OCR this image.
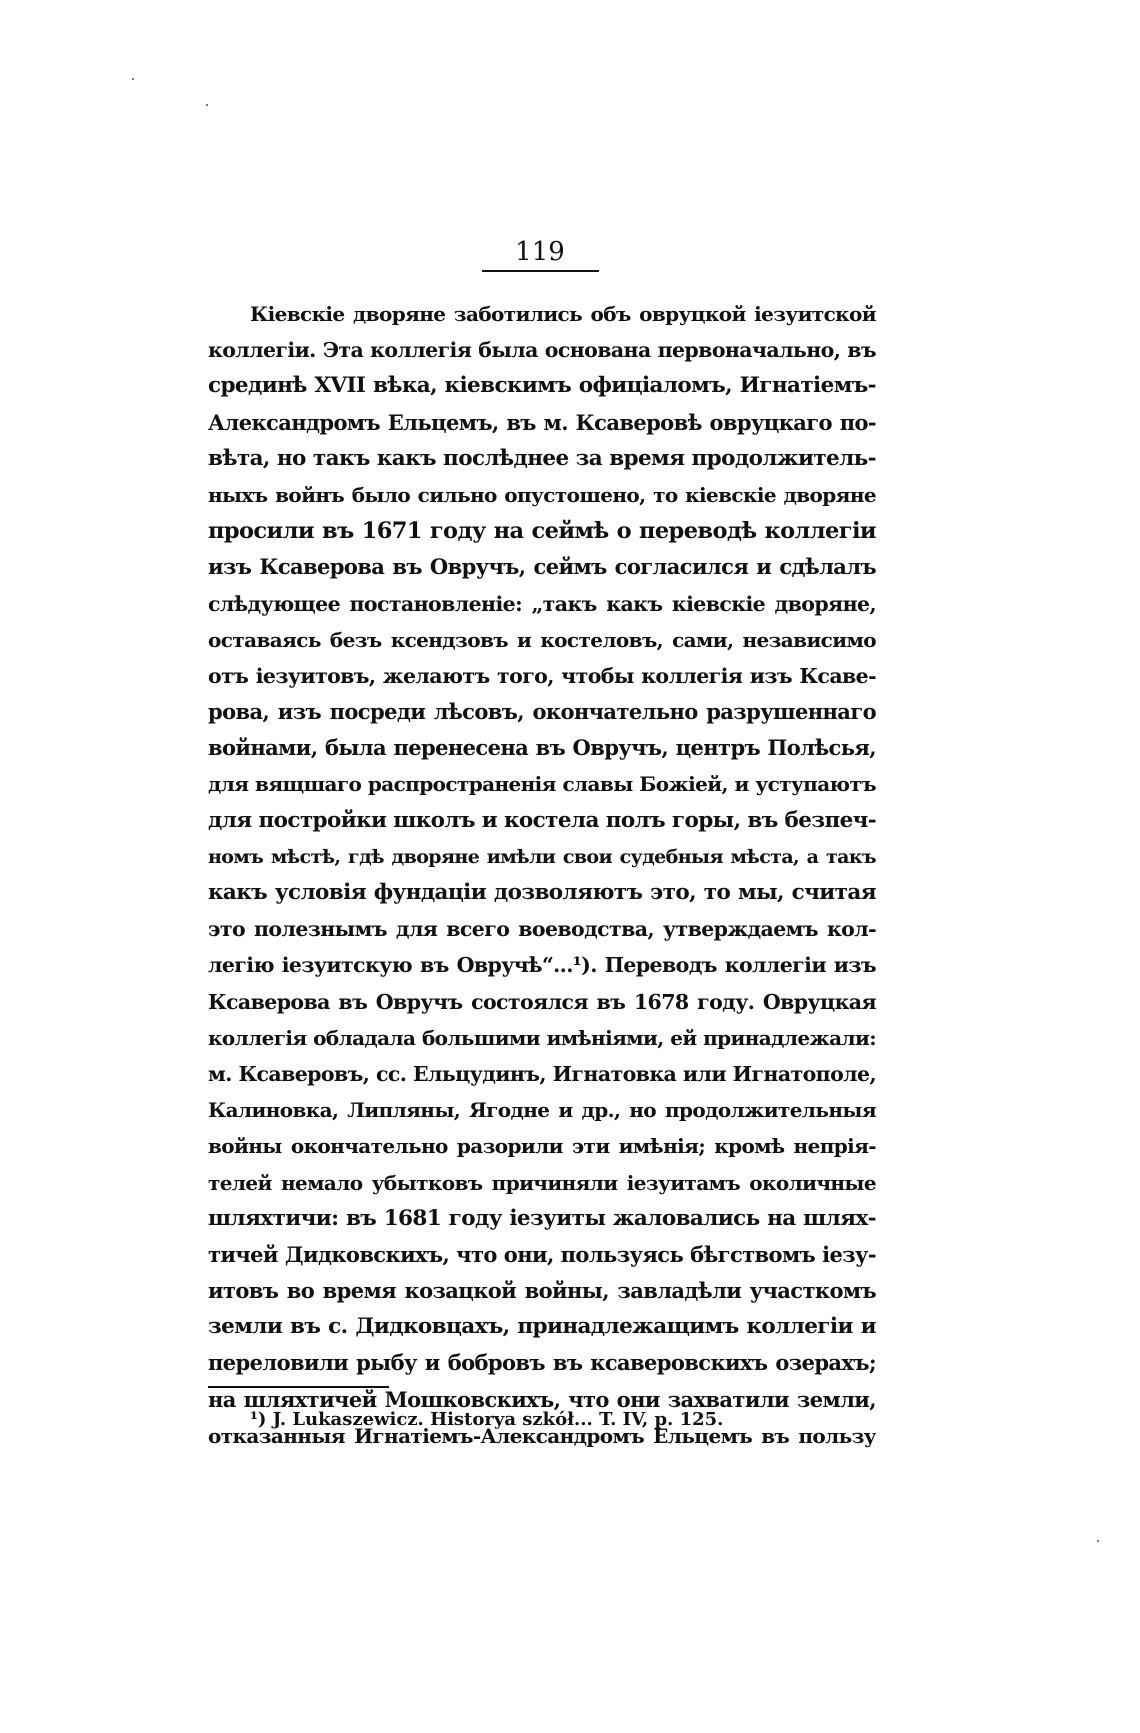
119
Кіевскіе дворяне заботились объ овруцкой іезуитской
коллегіи. Эта коллегія была основана первоначально, въ
срединѣ XVII вѣка, кіевскимъ офиціаломъ, Игнатіемъ-
Александромъ Ельцемъ, въ м. Ксаверовѣ овруцкаго по-
вѣта, но такъ какъ послѣднее за время продолжитель-
ныхъ войнъ было сильно опустошено, то кіевскіе дворяне
просили въ 1671 году на сеймѣ о переводѣ коллегіи
изъ Ксаверова въ Овручъ, сеймъ согласился и сдѣлалъ
слѣдующее постановленіе: „такъ какъ кіевскіе дворяне,
оставаясь безъ ксендзовъ и костеловъ, сами, независимо
отъ іезуитовъ, желаютъ того, чтобы коллегія изъ Ксаве-
рова, изъ посреди лѣсовъ, окончательно разрушеннаго
войнами, была перенесена въ Овручъ, центръ Полѣсья,
для вящшаго распространенія славы Божіей, и уступаютъ
для постройки школъ и костела полъ горы, въ безпеч-
номъ мѣстѣ, гдѣ дворяне имѣли свои судебныя мѣста, а такъ
какъ условія фундаціи дозволяютъ это, то мы, считая
это полезнымъ для всего воеводства, утверждаемъ кол-
легію іезуитскую въ Овручѣ“...¹). Переводъ коллегіи изъ
Ксаверова въ Овручъ состоялся въ 1678 году. Овруцкая
коллегія обладала большими имѣніями, ей принадлежали:
м. Ксаверовъ, сс. Ельцудинъ, Игнатовка или Игнатополе,
Калиновка, Липляны, Ягодне и др., но продолжительныя
войны окончательно разорили эти имѣнія; кромѣ непрія-
телей немало убытковъ причиняли іезуитамъ околичные
шляхтичи: въ 1681 году іезуиты жаловались на шлях-
тичей Дидковскихъ, что они, пользуясь бѣгствомъ іезу-
итовъ во время козацкой войны, завладѣли участкомъ
земли въ с. Дидковцахъ, принадлежащимъ коллегіи и
переловили рыбу и бобровъ въ ксаверовскихъ озерахъ;
на шляхтичей Мошковскихъ, что они захватили земли,
отказанныя Игнатіемъ-Александромъ Ельцемъ въ пользу
¹) J. Lukaszewicz. Historya szkół... T. IV, p. 125.
